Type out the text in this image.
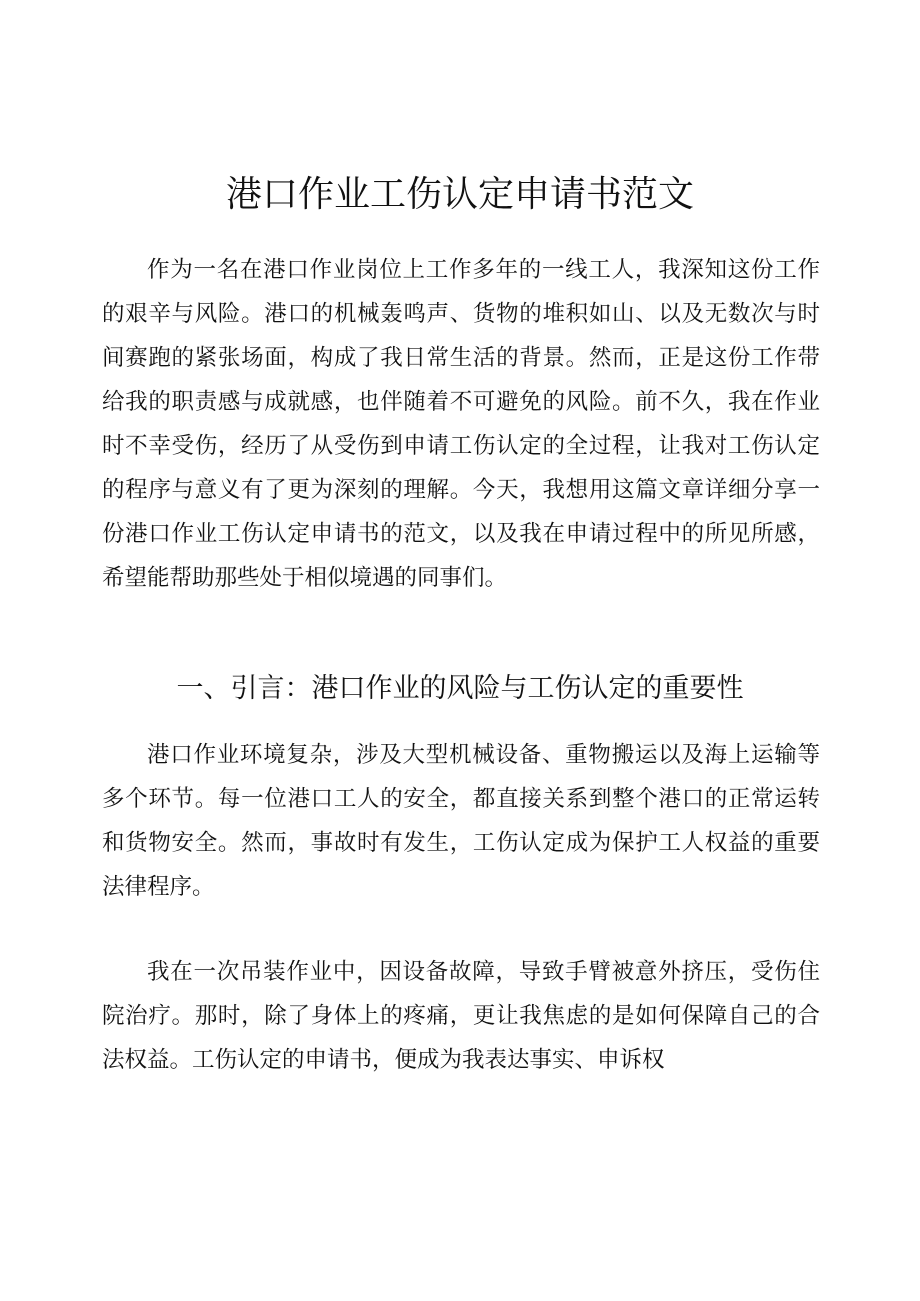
港口作业工伤认定申请书范文

作为一名在港口作业岗位上工作多年的一线工人，我深知这份工作的艰辛与风险。港口的机械轰鸣声、货物的堆积如山、以及无数次与时间赛跑的紧张场面，构成了我日常生活的背景。然而，正是这份工作带给我的职责感与成就感，也伴随着不可避免的风险。前不久，我在作业时不幸受伤，经历了从受伤到申请工伤认定的全过程，让我对工伤认定的程序与意义有了更为深刻的理解。今天，我想用这篇文章详细分享一份港口作业工伤认定申请书的范文，以及我在申请过程中的所见所感，希望能帮助那些处于相似境遇的同事们。

一、引言：港口作业的风险与工伤认定的重要性

港口作业环境复杂，涉及大型机械设备、重物搬运以及海上运输等多个环节。每一位港口工人的安全，都直接关系到整个港口的正常运转和货物安全。然而，事故时有发生，工伤认定成为保护工人权益的重要法律程序。

我在一次吊装作业中，因设备故障，导致手臂被意外挤压，受伤住院治疗。那时，除了身体上的疼痛，更让我焦虑的是如何保障自己的合法权益。工伤认定的申请书，便成为我表达事实、申诉权
